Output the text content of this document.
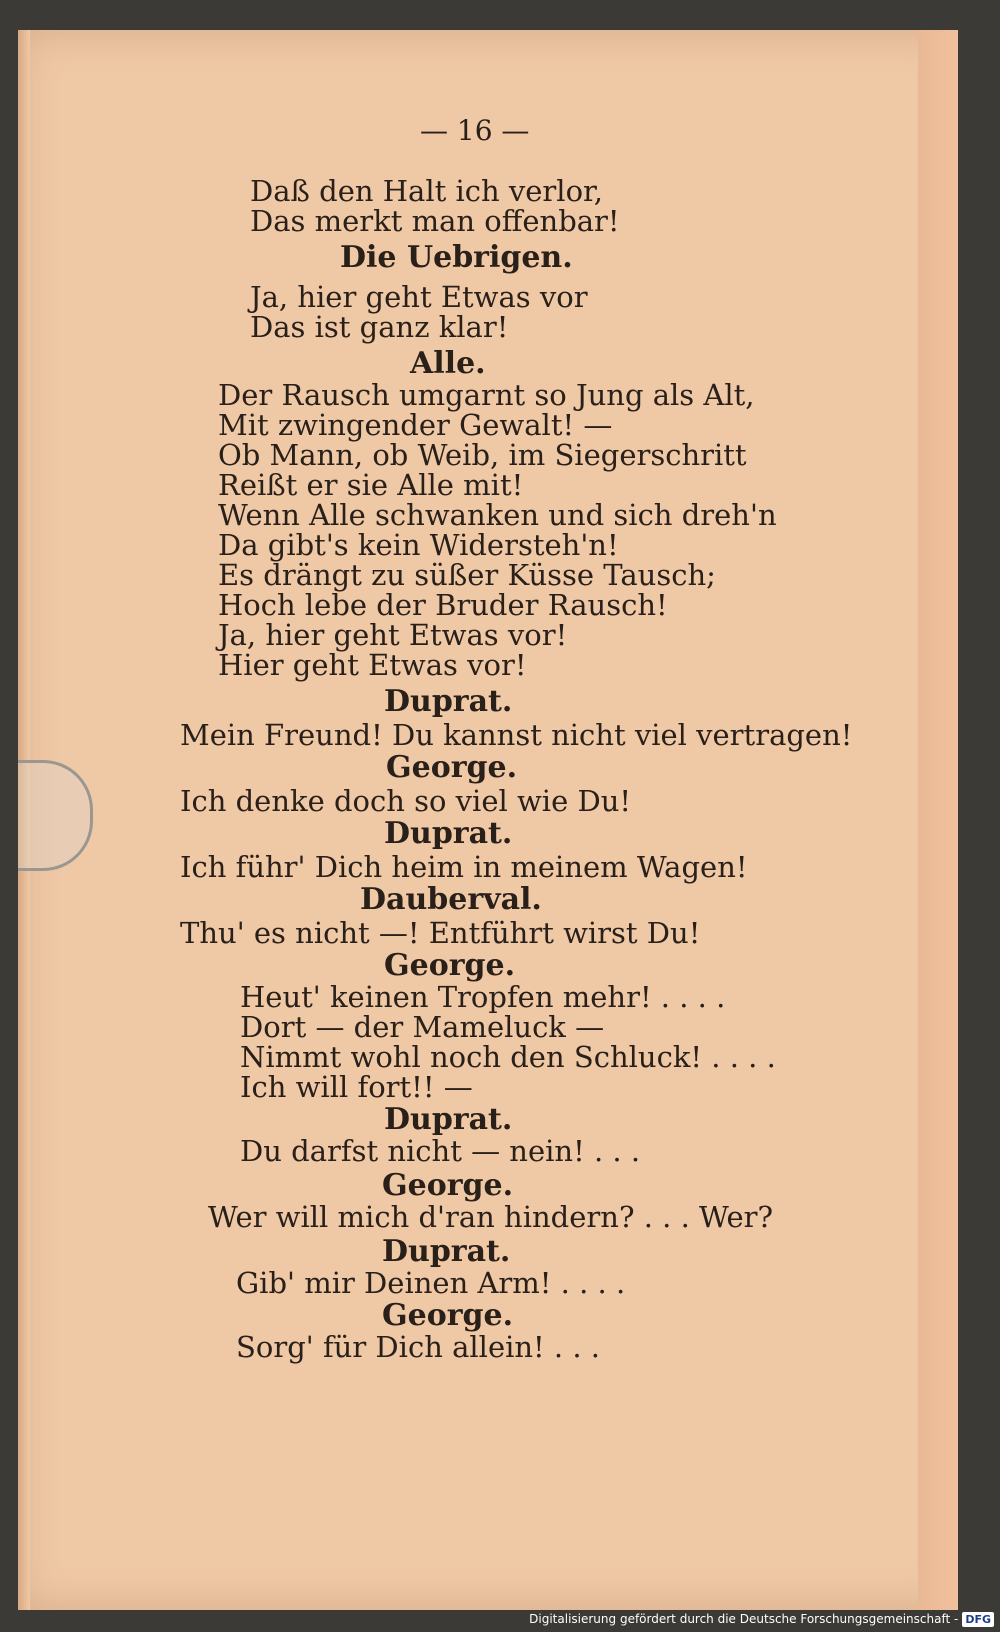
— 16 —
Daß den Halt ich verlor,
Das merkt man offenbar!
Die Uebrigen.
Ja, hier geht Etwas vor
Das ist ganz klar!
Alle.
Der Rausch umgarnt so Jung als Alt,
Mit zwingender Gewalt! —
Ob Mann, ob Weib, im Siegerschritt
Reißt er sie Alle mit!
Wenn Alle schwanken und sich dreh'n
Da gibt's kein Widersteh'n!
Es drängt zu süßer Küsse Tausch;
Hoch lebe der Bruder Rausch!
Ja, hier geht Etwas vor!
Hier geht Etwas vor!
Duprat.
Mein Freund! Du kannst nicht viel vertragen!
George.
Ich denke doch so viel wie Du!
Duprat.
Ich führ' Dich heim in meinem Wagen!
Dauberval.
Thu' es nicht —! Entführt wirst Du!
George.
Heut' keinen Tropfen mehr! . . . .
Dort — der Mameluck —
Nimmt wohl noch den Schluck! . . . .
Ich will fort!! —
Duprat.
Du darfst nicht — nein! . . .
George.
Wer will mich d'ran hindern? . . . Wer?
Duprat.
Gib' mir Deinen Arm! . . . .
George.
Sorg' für Dich allein! . . .
Digitalisierung gefördert durch die Deutsche Forschungsgemeinschaft - DFG
